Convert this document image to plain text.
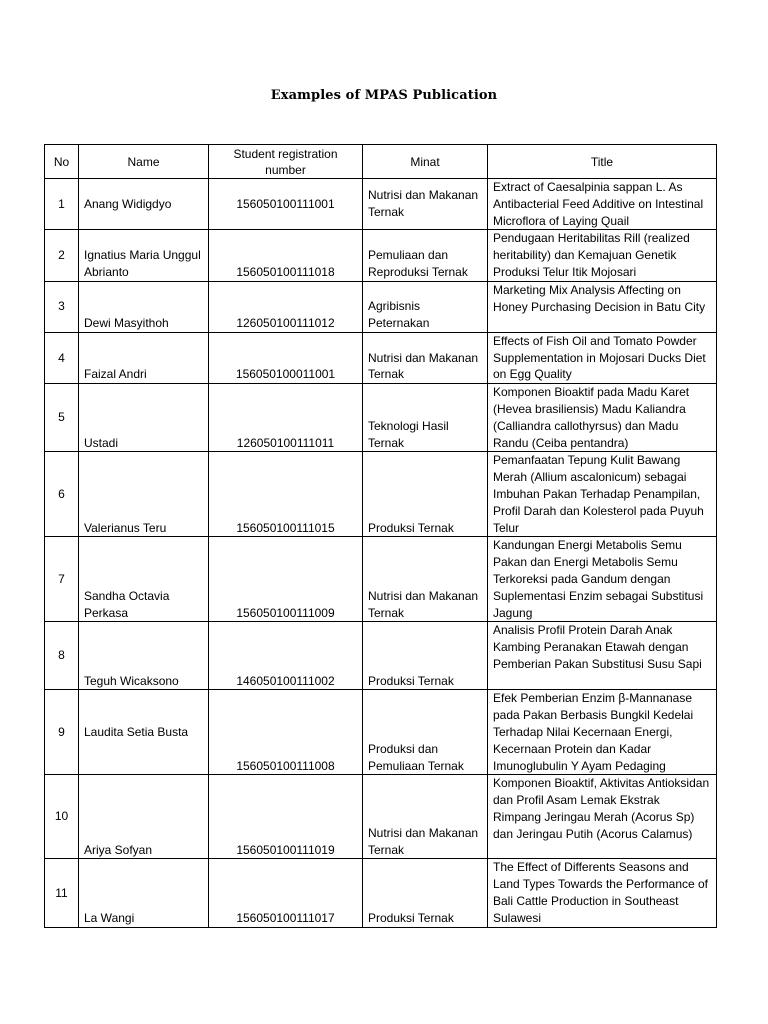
Examples of MPAS Publication
No	Name	Student registration number	Minat	Title
1	Anang Widigdyo	156050100111001	Nutrisi dan Makanan Ternak	Extract of Caesalpinia sappan L. As Antibacterial Feed Additive on Intestinal Microflora of Laying Quail
2	Ignatius Maria Unggul Abrianto	156050100111018	Pemuliaan dan Reproduksi Ternak	Pendugaan Heritabilitas Rill (realized heritability) dan Kemajuan Genetik Produksi Telur Itik Mojosari
3	Dewi Masyithoh	126050100111012	Agribisnis Peternakan	Marketing Mix Analysis Affecting on Honey Purchasing Decision in Batu City
4	Faizal Andri	156050100011001	Nutrisi dan Makanan Ternak	Effects of Fish Oil and Tomato Powder Supplementation in Mojosari Ducks Diet on Egg Quality
5	Ustadi	126050100111011	Teknologi Hasil Ternak	Komponen Bioaktif pada Madu Karet (Hevea brasiliensis) Madu Kaliandra (Calliandra callothyrsus) dan Madu Randu (Ceiba pentandra)
6	Valerianus Teru	156050100111015	Produksi Ternak	Pemanfaatan Tepung Kulit Bawang Merah (Allium ascalonicum) sebagai Imbuhan Pakan Terhadap Penampilan, Profil Darah dan Kolesterol pada Puyuh Telur
7	Sandha Octavia Perkasa	156050100111009	Nutrisi dan Makanan Ternak	Kandungan Energi Metabolis Semu Pakan dan Energi Metabolis Semu Terkoreksi pada Gandum dengan Suplementasi Enzim sebagai Substitusi Jagung
8	Teguh Wicaksono	146050100111002	Produksi Ternak	Analisis Profil Protein Darah Anak Kambing Peranakan Etawah dengan Pemberian Pakan Substitusi Susu Sapi
9	Laudita Setia Busta	156050100111008	Produksi dan Pemuliaan Ternak	Efek Pemberian Enzim β-Mannanase pada Pakan Berbasis Bungkil Kedelai Terhadap Nilai Kecernaan Energi, Kecernaan Protein dan Kadar Imunoglubulin Y Ayam Pedaging
10	Ariya Sofyan	156050100111019	Nutrisi dan Makanan Ternak	Komponen Bioaktif, Aktivitas Antioksidan dan Profil Asam Lemak Ekstrak Rimpang Jeringau Merah (Acorus Sp) dan Jeringau Putih (Acorus Calamus)
11	La Wangi	156050100111017	Produksi Ternak	The Effect of Differents Seasons and Land Types Towards the Performance of Bali Cattle Production in Southeast Sulawesi
